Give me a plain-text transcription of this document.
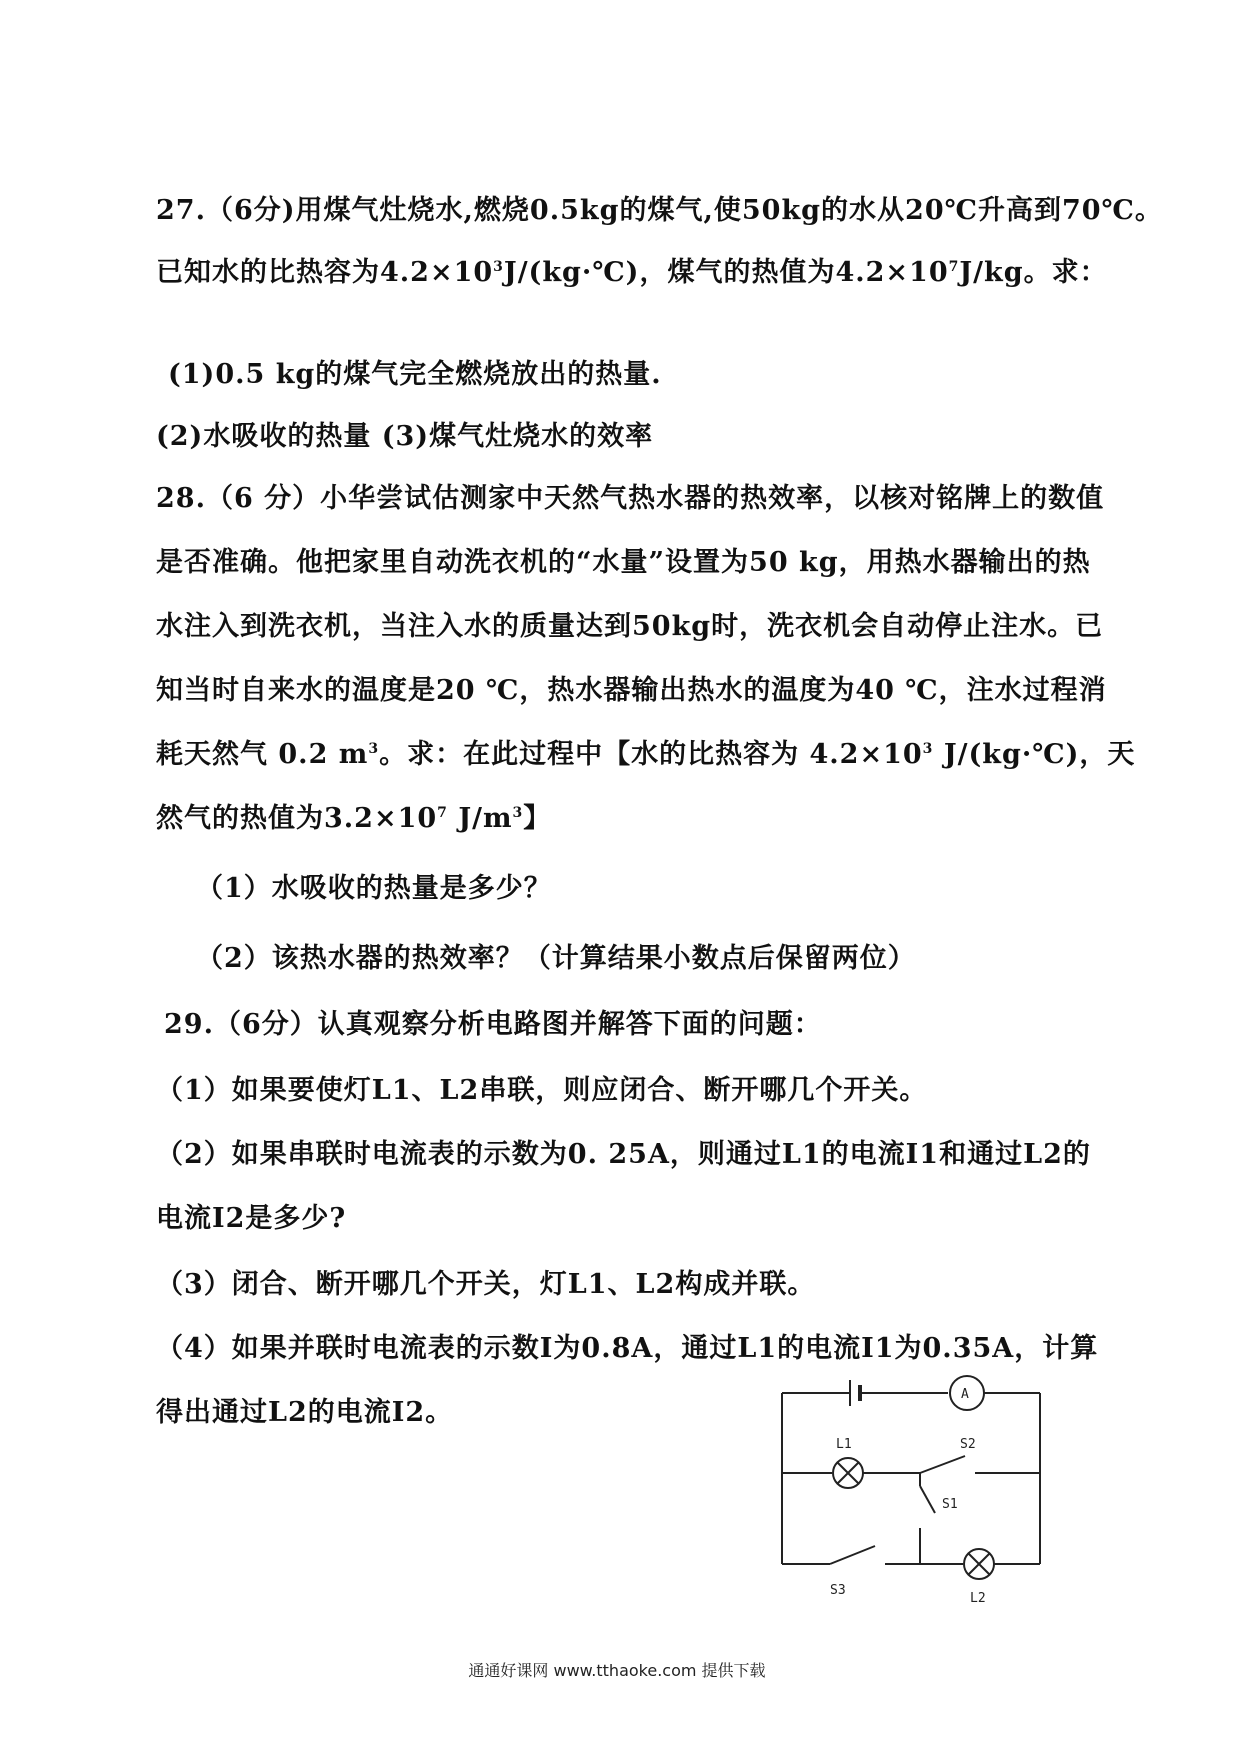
27.（6分)用煤气灶烧水,燃烧0.5kg的煤气,使50kg的水从20℃升高到70℃。
已知水的比热容为$4.2\times 10^3J/(kg\cdot℃)$，煤气的热值为$4.2\times 10^7J/kg$。求：
(1)0.5 kg的煤气完全燃烧放出的热量.
(2)水吸收的热量 (3)煤气灶烧水的效率
28.（6 分）小华尝试估测家中天然气热水器的热效率，以核对铭牌上的数值
是否准确。他把家里自动洗衣机的“水量”设置为50 kg，用热水器输出的热
水注入到洗衣机，当注入水的质量达到50kg时，洗衣机会自动停止注水。已
知当时自来水的温度是20 ℃，热水器输出热水的温度为40 ℃，注水过程消
耗天然气 0.2 $m^3$。求：在此过程中【水的比热容为 $4.2\times 10^3$ J/(kg·℃)，天
然气的热值为$3.2\times 10^7$ $J/m^3$】
（1）水吸收的热量是多少？
（2）该热水器的热效率？（计算结果小数点后保留两位）
29.（6分）认真观察分析电路图并解答下面的问题：
（1）如果要使灯L1、L2串联，则应闭合、断开哪几个开关。
（2）如果串联时电流表的示数为0. 25A，则通过L1的电流I1和通过L2的
电流I2是多少?
（3）闭合、断开哪几个开关，灯L1、L2构成并联。
（4）如果并联时电流表的示数I为0.8A，通过L1的电流I1为0.35A，计算
得出通过L2的电流I2。
A
L1
L2
S1
S2
S3
通通好课网 www.tthaoke.com 提供下载
